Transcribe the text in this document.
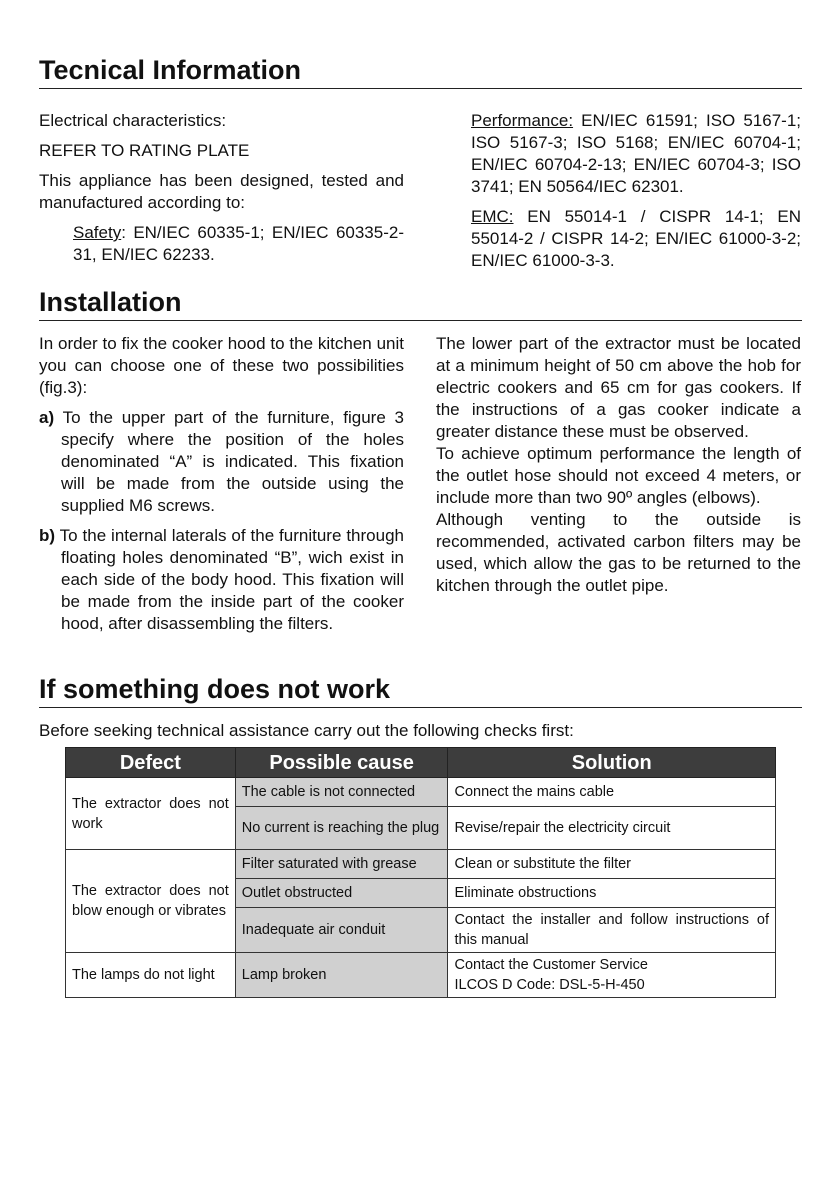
Tecnical Information

Electrical characteristics:

REFER TO RATING PLATE

This appliance has been designed, tested and manufactured according to:

Safety: EN/IEC 60335-1; EN/IEC 60335-2-31, EN/IEC 62233.

Performance: EN/IEC 61591; ISO 5167-1; ISO 5167-3; ISO 5168; EN/IEC 60704-1; EN/IEC 60704-2-13; EN/IEC 60704-3; ISO 3741; EN 50564/IEC 62301.

EMC: EN 55014-1 / CISPR 14-1; EN 55014-2 / CISPR 14-2; EN/IEC 61000-3-2; EN/IEC 61000-3-3.

Installation

In order to fix the cooker hood to the kitchen unit you can choose one of these two possibilities (fig.3):

a) To the upper part of the furniture, figure 3 specify where the position of the holes denominated “A” is indicated. This fixation will be made from the outside using the supplied M6 screws.

b) To the internal laterals of the furniture through floating holes denominated “B”, wich exist in each side of the body hood. This fixation will be made from the inside part of the cooker hood, after disassembling the filters.

The lower part of the extractor must be located at a minimum height of 50 cm above the hob for electric cookers and 65 cm for gas cookers. If the instructions of a gas cooker indicate a greater distance these must be observed.
To achieve optimum performance the length of the outlet hose should not exceed 4 meters, or include more than two 90º angles (elbows).
Although venting to the outside is recommended, activated carbon filters may be used, which allow the gas to be returned to the kitchen through the outlet pipe.
If something does not work
Before seeking technical assistance carry out the following checks first:
Defect	Possible cause	Solution
The extractor does not work	The cable is not connected	Connect the mains cable
	No current is reaching the plug	Revise/repair the electricity circuit
The extractor does not blow enough or vibrates	Filter saturated with grease	Clean or substitute the filter
	Outlet obstructed	Eliminate obstructions
	Inadequate air conduit	Contact the installer and follow instructions of this manual
The lamps do not light	Lamp broken	Contact the Customer Service
ILCOS D Code: DSL-5-H-450
